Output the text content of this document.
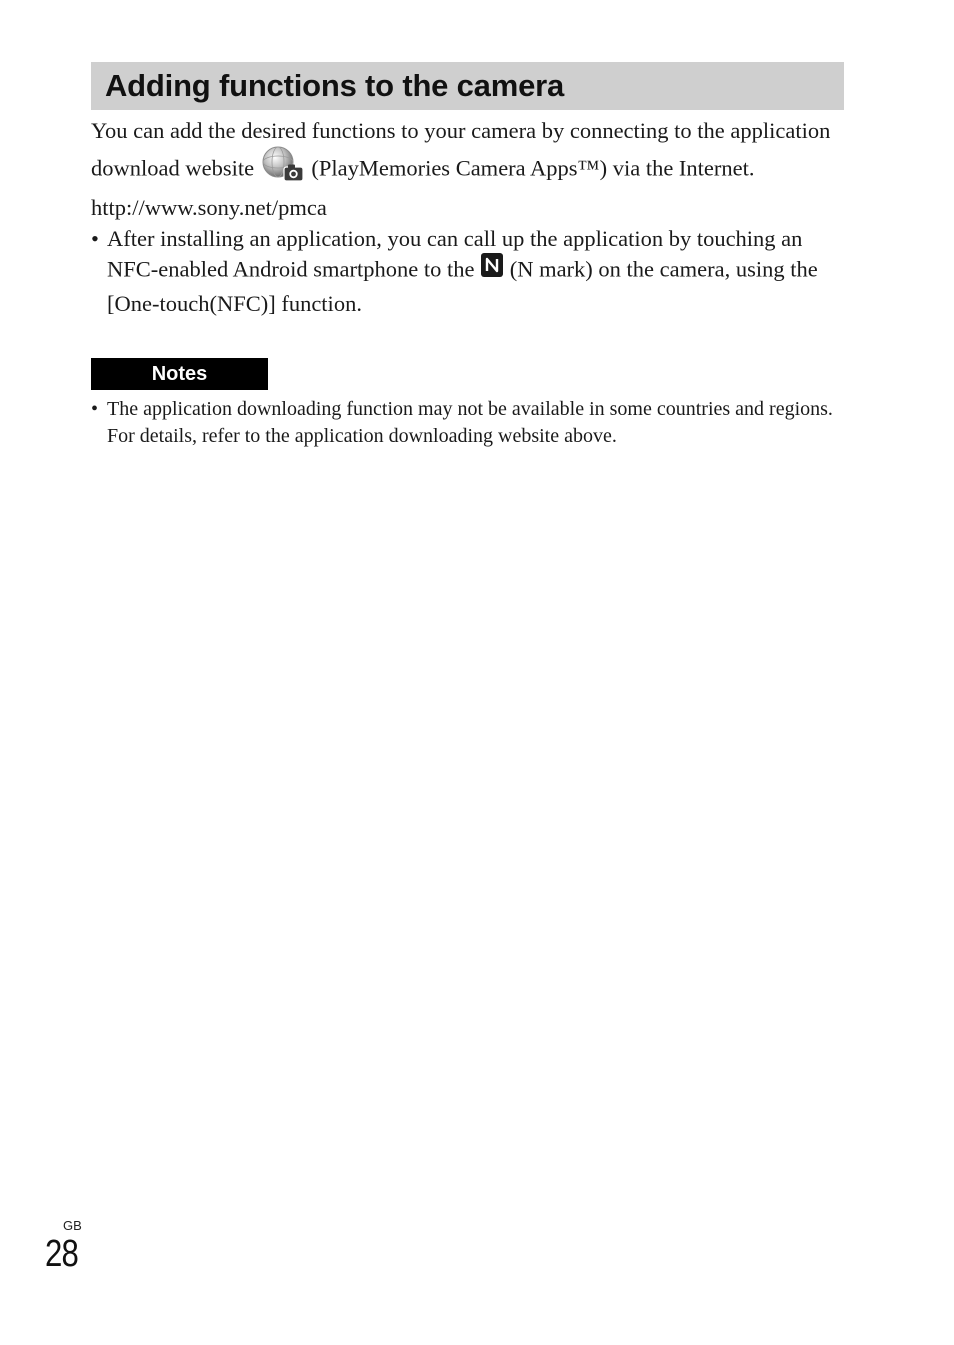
Adding functions to the camera

You can add the desired functions to your camera by connecting to the application download website	(PlayMemories Camera Apps™) via the Internet.

http://www.sony.net/pmca

• After installing an application, you can call up the application by touching an NFC-enabled Android smartphone to the (N mark) on the camera, using the [One-touch(NFC)] function.
Notes
• The application downloading function may not be available in some countries and regions. For details, refer to the application downloading website above.
GB
28
